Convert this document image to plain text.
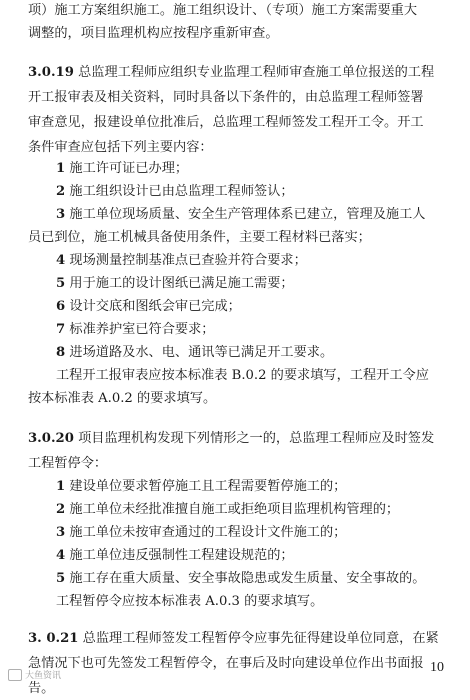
项）施工方案组织施工。施工组织设计、（专项）施工方案需要重大
调整的，项目监理机构应按程序重新审查。
3.0.19 总监理工程师应组织专业监理工程师审查施工单位报送的工程
开工报审表及相关资料，同时具备以下条件的，由总监理工程师签署
审查意见，报建设单位批准后，总监理工程师签发工程开工令。开工
条件审查应包括下列主要内容：
1 施工许可证已办理；
2 施工组织设计已由总监理工程师签认；
3 施工单位现场质量、安全生产管理体系已建立，管理及施工人
员已到位，施工机械具备使用条件，主要工程材料已落实；
4 现场测量控制基准点已查验并符合要求；
5 用于施工的设计图纸已满足施工需要；
6 设计交底和图纸会审已完成；
7 标准养护室已符合要求；
8 进场道路及水、电、通讯等已满足开工要求。
工程开工报审表应按本标准表 B.0.2 的要求填写，工程开工令应
按本标准表 A.0.2 的要求填写。
3.0.20 项目监理机构发现下列情形之一的，总监理工程师应及时签发
工程暂停令：
1 建设单位要求暂停施工且工程需要暂停施工的；
2 施工单位未经批准擅自施工或拒绝项目监理机构管理的；
3 施工单位未按审查通过的工程设计文件施工的；
4 施工单位违反强制性工程建设规范的；
5 施工存在重大质量、安全事故隐患或发生质量、安全事故的。
工程暂停令应按本标准表 A.0.3 的要求填写。
3. 0.21 总监理工程师签发工程暂停令应事先征得建设单位同意，在紧
急情况下也可先签发工程暂停令，在事后及时向建设单位作出书面报
告。
10
大鱼资讯
